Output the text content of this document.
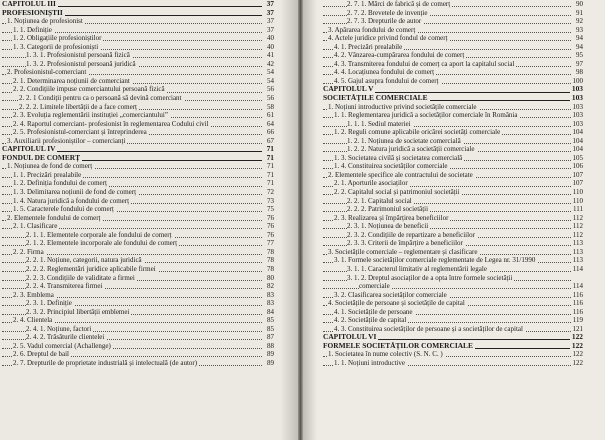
CAPITOLUL III	37
PROFESIONIȘTII	37
1. Noțiunea de profesionist	37
1. 1. Definiție	37
1. 2. Obligațiile profesioniștilor	40
1. 3. Categorii de profesioniști	40
1. 3. 1. Profesionistul persoană fizică	41
1. 3. 2. Profesionistul persoană juridică	42
2. Profesionistul-comerciant	54
2. 1. Determinarea noțiunii de comerciant	54
2. 2. Condițiile impuse comerciantului persoană fizică	56
2. 2. 1 Condiții pentru ca o persoană să devină comerciant	56
2. 2. 2. Limitele libertății de a face comerț	58
2. 3. Evoluția reglementării instituției „comerciantului”	61
2. 4. Raportul comerciant- profesionist în reglementarea Codului civil	64
2. 5. Profesionistul-comerciant și întreprinderea	66
3. Auxiliarii profesioniștilor – comercianți	67
CAPITOLUL IV	71
FONDUL DE COMERȚ	71
1. Noțiunea de fond de comerț	71
1. 1. Precizări prealabile	71
1. 2. Definiția fondului de comerț	71
1. 3. Delimitarea noțiunii de fond de comerț	72
1. 4. Natura juridică a fondului de comerț	73
1. 5. Caracterele fondului de comerț	75
2. Elementele fondului de comerț	76
2. 1. Clasificare	76
2. 1. 1. Elementele corporale ale fondului de comerț	76
2. 1. 2. Elementele incorporale ale fondului de comerț	77
2. 2. Firma	78
2. 2. 1. Noțiune, categorii, natura juridică	78
2. 2. 2. Reglementări juridice aplicabile firmei	78
2. 2. 3. Condițiile de validitate a firmei	80
2. 2. 4. Transmiterea firmei	82
2. 3. Emblema	83
2. 3. 1. Definiție	83
2. 3. 2. Principiul libertății emblemei	84
2. 4. Clientela	85
2. 4. 1. Noțiune, factori	85
2. 4. 2. Trăsăturile clientelei	87
2. 5. Vadul comercial (Achallenge)	88
2. 6. Dreptul de bail	89
2. 7. Drepturile de proprietate industrială și intelectuală (de autor)	89
2. 7. 1. Mărci de fabrică și de comerț	90
2. 7. 2. Brevetele de invenție	91
2. 7. 3. Drepturile de autor	92
3. Apărarea fondului de comerț	93
4. Actele juridice privind fondul de comerț	94
4. 1. Precizări prealabile	94
4. 2. Vânzarea-cumpărarea fondului de comerț	95
4. 3. Transmiterea fondului de comerț ca aport la capitalul social	97
4. 4. Locațiunea fondului de comerț	98
4. 5. Gajul asupra fondului de comerț	100
CAPITOLUL V	103
SOCIETĂȚILE COMERCIALE	103
1. Noțiuni introductive privind societățile comerciale	103
1. 1. Reglementarea juridică a societăților comerciale în România	103
1. 1. 1. Sediul materiei	103
1. 2. Reguli comune aplicabile oricărei societăți comerciale	104
1. 2. 1. Noțiunea de societate comercială	104
1. 2. 2. Natura juridică a societății comerciale	104
1. 3. Societatea civilă și societatea comercială	105
1. 4. Constituirea societăților comerciale	106
2. Elementele specifice ale contractului de societate	107
2. 1. Aporturile asociaților	107
2. 2. Capitalul social și patrimoniul societății	110
2. 2. 1. Capitalul social	110
2. 2. 2. Patrimoniul societății	111
2. 3. Realizarea și împărțirea beneficiilor	112
2. 3. 1. Noțiunea de beneficii	112
2. 3. 2. Condițiile de repartizare a beneficiilor	112
2. 3. 3. Criterii de împărțire a beneficiilor	113
3. Societățile comerciale – reglementare și clasificare	113
3. 1. Formele societăților comerciale reglementate de Legea nr. 31/1990	113
3. 1. 1. Caracterul limitativ al reglementării legale	114
3. 1. 2. Dreptul asociaților de a opta între formele societății
comerciale	114
3. 2. Clasificarea societăților comerciale	116
4. Societățile de persoane și societățile de capital	116
4. 1. Societățile de persoane	116
4. 2. Societățile de capital	119
4. 3. Constituirea societăților de persoane și a societăților de capital	121
CAPITOLUL VI	122
FORMELE SOCIETĂȚILOR COMERCIALE	122
1. Societatea în nume colectiv (S. N. C. )	122
1. 1. Noțiuni introductive	122
